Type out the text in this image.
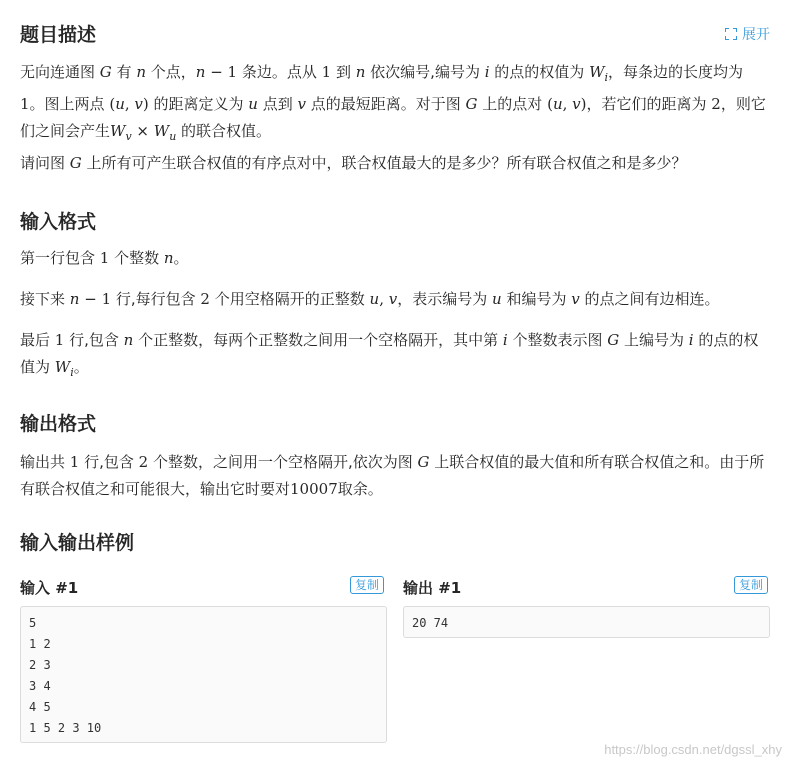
题目描述	展开

无向连通图 G 有 n 个点，n − 1 条边。点从 1 到 n 依次编号,编号为 i 的点的权值为 $W_i$，每条边的长度均为 1。图上两点 (u, v) 的距离定义为 u 点到 v 点的最短距离。对于图 G 上的点对 (u, v)，若它们的距离为 2，则它们之间会产生$W_v \times W_u$ 的联合权值。

请问图 G 上所有可产生联合权值的有序点对中，联合权值最大的是多少？所有联合权值之和是多少？

输入格式

第一行包含 1 个整数 n。

接下来 n − 1 行,每行包含 2 个用空格隔开的正整数 u, v，表示编号为 u 和编号为 v 的点之间有边相连。

最后 1 行,包含 n 个正整数，每两个正整数之间用一个空格隔开，其中第 i 个整数表示图 G 上编号为 i 的点的权值为 $W_i$。

输出格式

输出共 1 行,包含 2 个整数，之间用一个空格隔开,依次为图 G 上联合权值的最大值和所有联合权值之和。由于所有联合权值之和可能很大，输出它时要对10007取余。

输入输出样例
输入 #1	复制
5
1 2
2 3
3 4
4 5
1 5 2 3 10
输出 #1	复制
20 74
https://blog.csdn.net/dgssl_xhy
